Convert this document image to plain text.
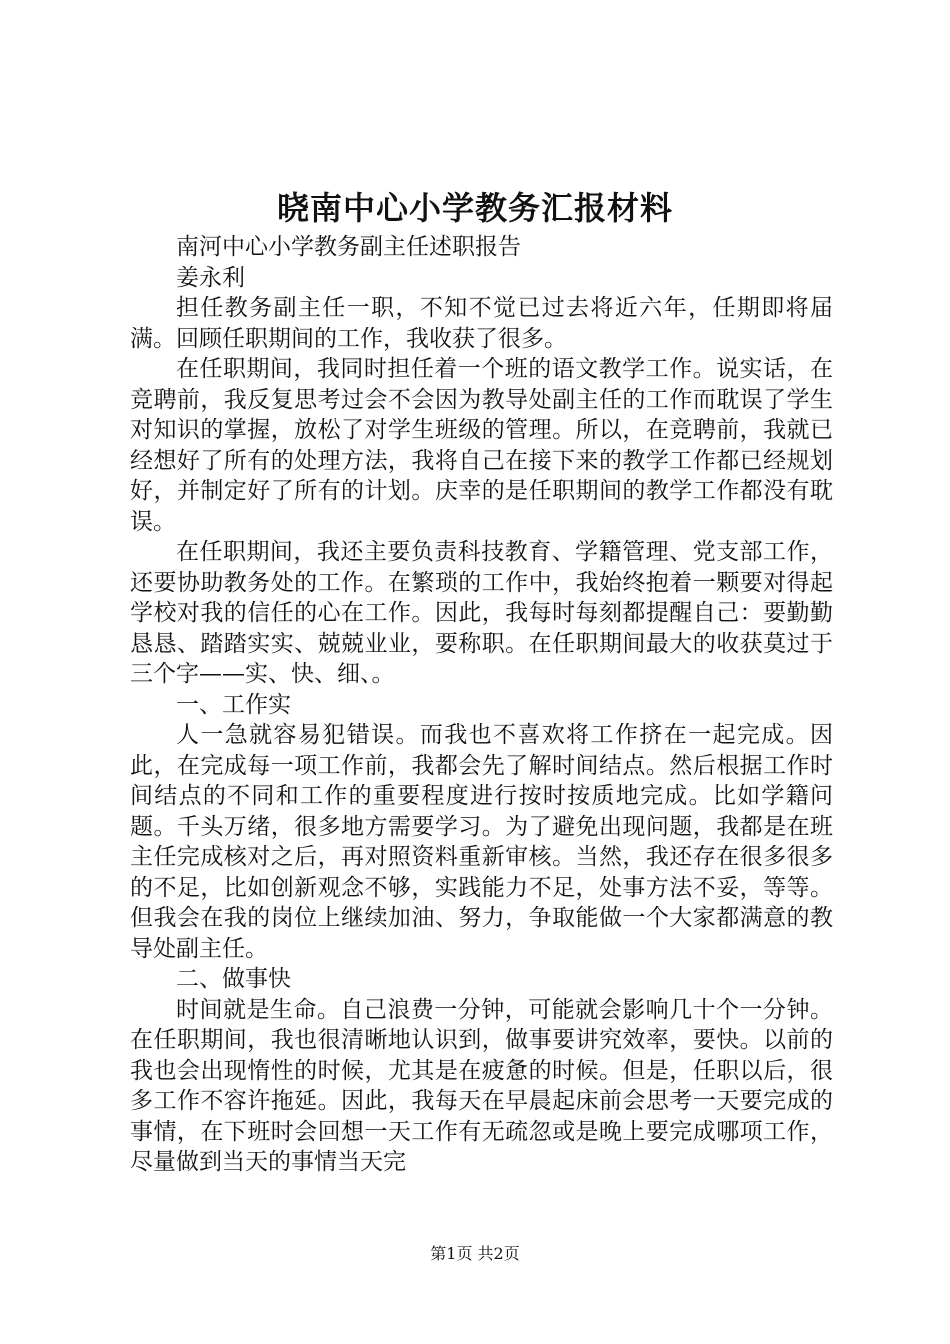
晓南中心小学教务汇报材料

南河中心小学教务副主任述职报告

姜永利

担任教务副主任一职，不知不觉已过去将近六年，任期即将届满。回顾任职期间的工作，我收获了很多。

在任职期间，我同时担任着一个班的语文教学工作。说实话，在竞聘前，我反复思考过会不会因为教导处副主任的工作而耽误了学生对知识的掌握，放松了对学生班级的管理。所以，在竞聘前，我就已经想好了所有的处理方法，我将自己在接下来的教学工作都已经规划好，并制定好了所有的计划。庆幸的是任职期间的教学工作都没有耽误。

在任职期间，我还主要负责科技教育、学籍管理、党支部工作，还要协助教务处的工作。在繁琐的工作中，我始终抱着一颗要对得起学校对我的信任的心在工作。因此，我每时每刻都提醒自己：要勤勤恳恳、踏踏实实、兢兢业业，要称职。在任职期间最大的收获莫过于三个字——实、快、细、。

一、工作实

人一急就容易犯错误。而我也不喜欢将工作挤在一起完成。因此，在完成每一项工作前，我都会先了解时间结点。然后根据工作时间结点的不同和工作的重要程度进行按时按质地完成。比如学籍问题。千头万绪，很多地方需要学习。为了避免出现问题，我都是在班主任完成核对之后，再对照资料重新审核。当然，我还存在很多很多的不足，比如创新观念不够，实践能力不足，处事方法不妥，等等。但我会在我的岗位上继续加油、努力，争取能做一个大家都满意的教导处副主任。

二、做事快

时间就是生命。自己浪费一分钟，可能就会影响几十个一分钟。在任职期间，我也很清晰地认识到，做事要讲究效率，要快。以前的我也会出现惰性的时候，尤其是在疲惫的时候。但是，任职以后，很多工作不容许拖延。因此，我每天在早晨起床前会思考一天要完成的事情，在下班时会回想一天工作有无疏忽或是晚上要完成哪项工作，尽量做到当天的事情当天完

第1页 共2页
